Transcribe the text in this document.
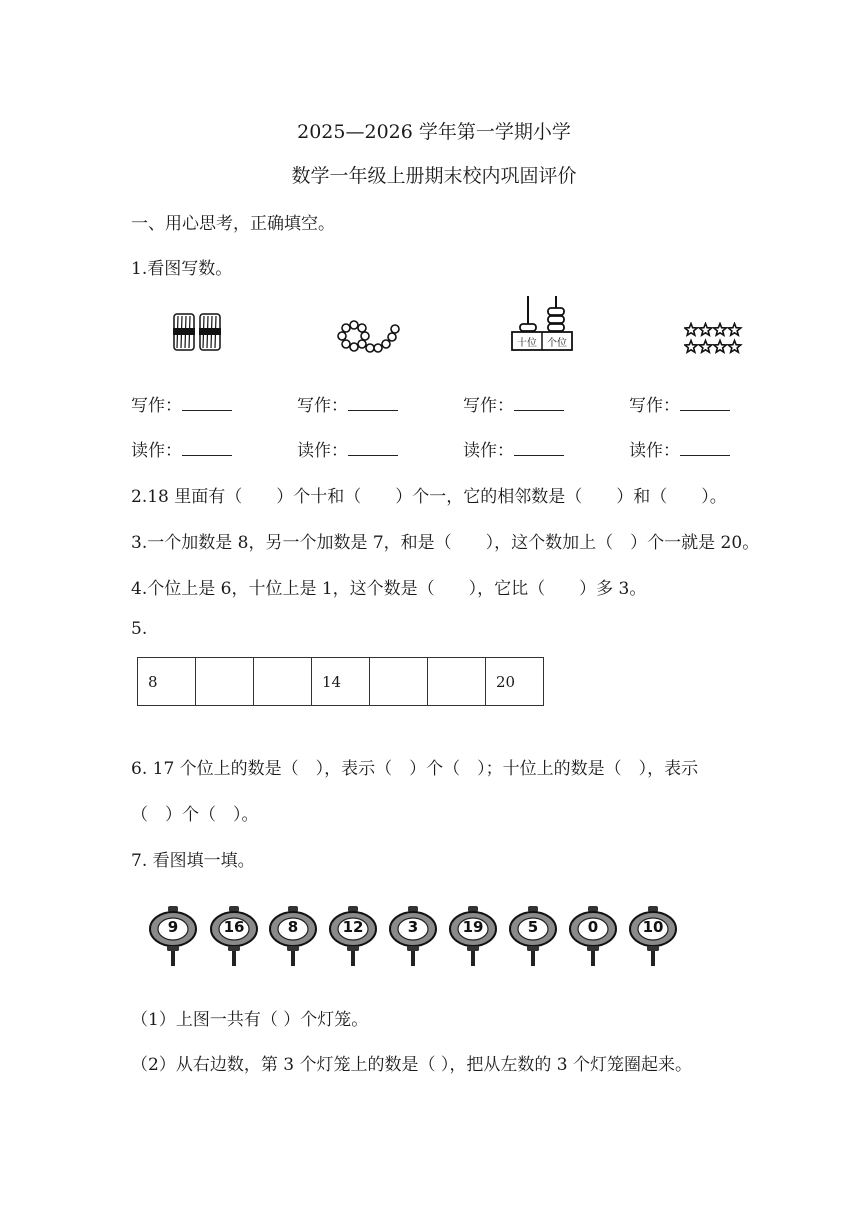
2025—2026 学年第一学期小学
数学一年级上册期末校内巩固评价
一、用心思考，正确填空。
1.看图写数。
十位	个位
写作：	写作：	写作：	写作：
读作：	读作：	读作：	读作：
2.18 里面有（　　）个十和（　　）个一，它的相邻数是（　　）和（　　）。
3.一个加数是 8，另一个加数是 7，和是（　　），这个数加上（　）个一就是 20。
4.个位上是 6，十位上是 1，这个数是（　　），它比（　　）多 3。
5.
8			14			20
6. 17 个位上的数是（　），表示（　）个（　）；十位上的数是（　），表示
（　）个（　）。
7. 看图填一填。
9	16	8	12	3	19	5	0	10
（1）上图一共有（ ）个灯笼。
（2）从右边数，第 3 个灯笼上的数是（ ），把从左数的 3 个灯笼圈起来。
